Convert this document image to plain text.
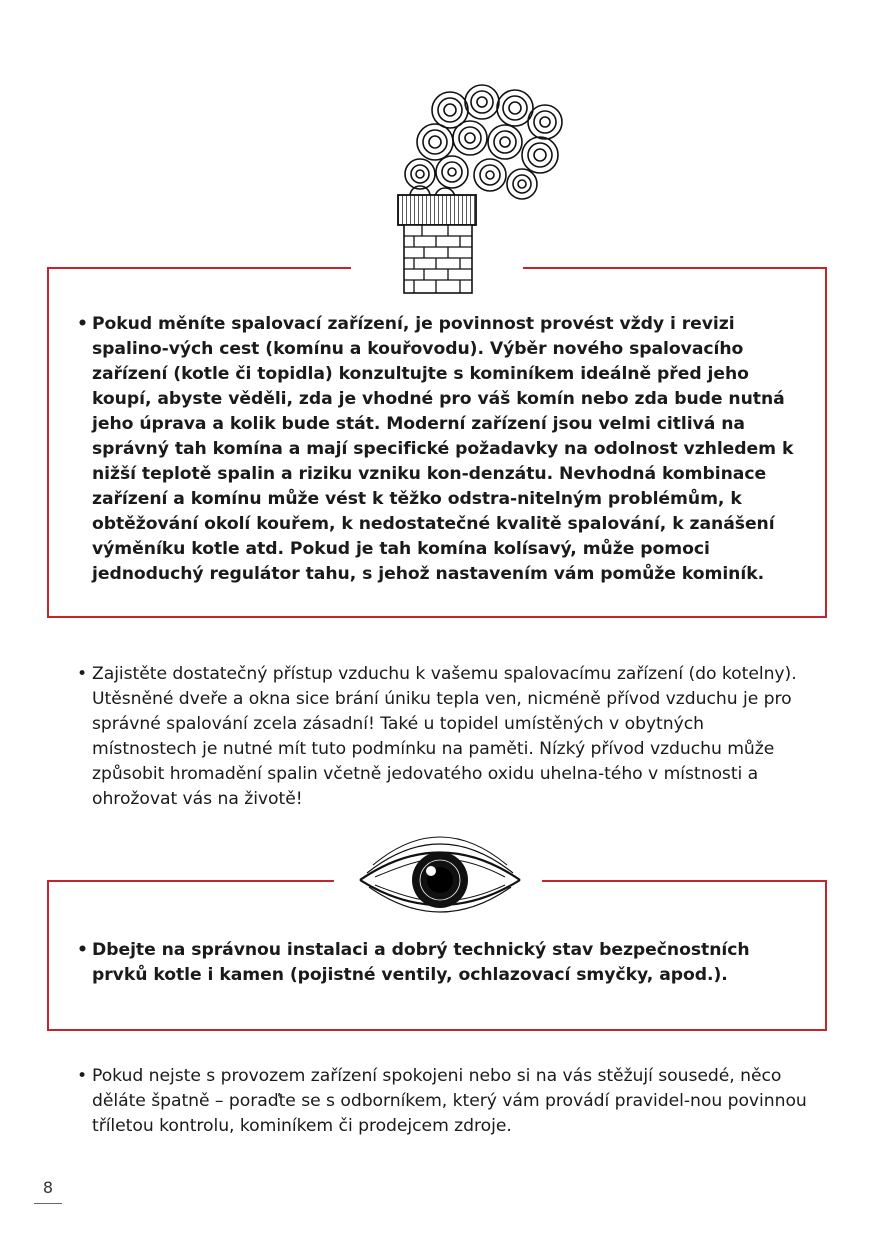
• Pokud měníte spalovací zařízení, je povinnost provést vždy i revizi spalino-vých cest (komínu a kouřovodu). Výběr nového spalovacího zařízení (kotle či topidla) konzultujte s kominíkem ideálně před jeho koupí, abyste věděli, zda je vhodné pro váš komín nebo zda bude nutná jeho úprava a kolik bude stát. Moderní zařízení jsou velmi citlivá na správný tah komína a mají specifické požadavky na odolnost vzhledem k nižší teplotě spalin a riziku vzniku kon-denzátu. Nevhodná kombinace zařízení a komínu může vést k těžko odstra-nitelným problémům, k obtěžování okolí kouřem, k nedostatečné kvalitě spalování, k zanášení výměníku kotle atd. Pokud je tah komína kolísavý, může pomoci jednoduchý regulátor tahu, s jehož nastavením vám pomůže kominík.
• Zajistěte dostatečný přístup vzduchu k vašemu spalovacímu zařízení (do kotelny). Utěsněné dveře a okna sice brání úniku tepla ven, nicméně přívod vzduchu je pro správné spalování zcela zásadní! Také u topidel umístěných v obytných místnostech je nutné mít tuto podmínku na paměti. Nízký přívod vzduchu může způsobit hromadění spalin včetně jedovatého oxidu uhelna-tého v místnosti a ohrožovat vás na životě!
• Dbejte na správnou instalaci a dobrý technický stav bezpečnostních prvků kotle i kamen (pojistné ventily, ochlazovací smyčky, apod.).
• Pokud nejste s provozem zařízení spokojeni nebo si na vás stěžují sousedé, něco děláte špatně – poraďte se s odborníkem, který vám provádí pravidel-nou povinnou tříletou kontrolu, kominíkem či prodejcem zdroje.
8
